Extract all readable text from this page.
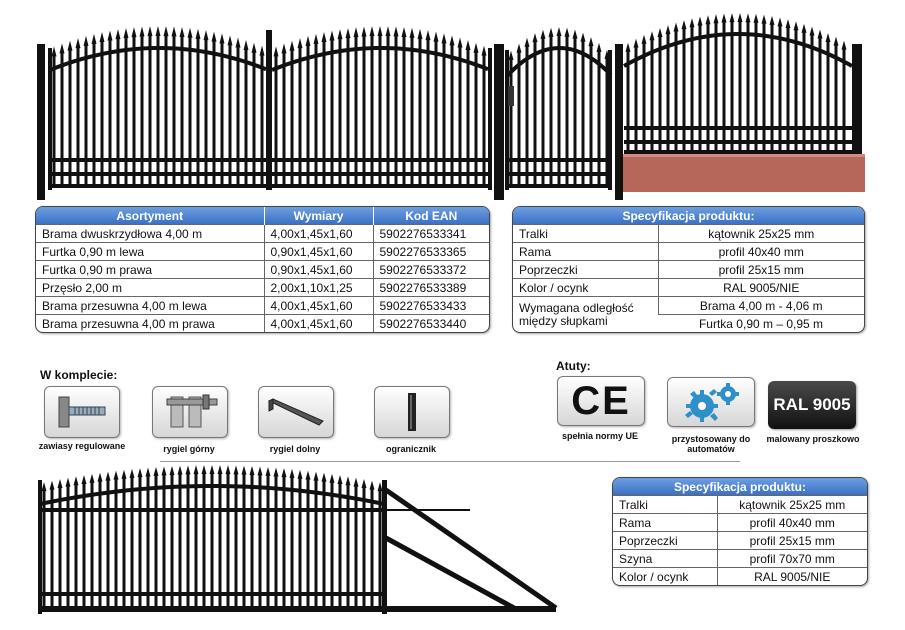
Asortyment	Wymiary	Kod EAN
Brama dwuskrzydłowa 4,00 m	4,00x1,45x1,60	5902276533341
Furtka 0,90 m lewa	0,90x1,45x1,60	5902276533365
Furtka 0,90 m prawa	0,90x1,45x1,60	5902276533372
Przęsło 2,00 m	2,00x1,10x1,25	5902276533389
Brama przesuwna 4,00 m lewa	4,00x1,45x1,60	5902276533433
Brama przesuwna 4,00 m prawa	4,00x1,45x1,60	5902276533440
Specyfikacja produktu:	
Tralki	kątownik 25x25 mm
Rama	profil 40x40 mm
Poprzeczki	profil 25x15 mm
Kolor / ocynk	RAL 9005/NIE
Wymagana odległość między słupkami	Brama 4,00 m - 4,06 m
	Furtka 0,90 m – 0,95 m
W komplecie:
zawiasy regulowane	rygiel górny	rygiel dolny	ogranicznik
Atuty:
CE
spełnia normy UE	przystosowany do automatów
RAL 9005
malowany proszkowo
Specyfikacja produktu:	
Tralki	kątownik 25x25 mm
Rama	profil 40x40 mm
Poprzeczki	profil 25x15 mm
Szyna	profil 70x70 mm
Kolor / ocynk	RAL 9005/NIE
